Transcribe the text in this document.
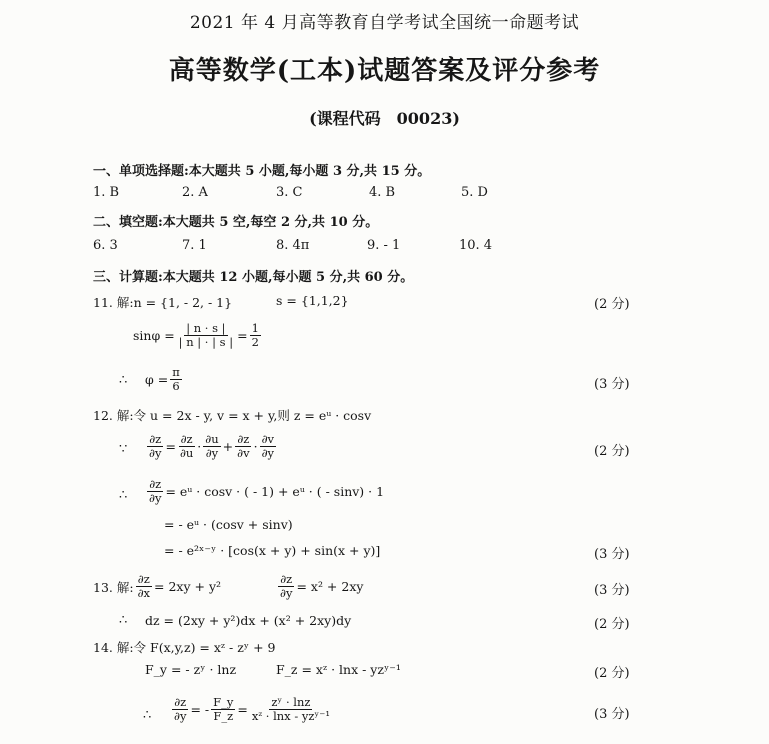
2021 年 4 月高等教育自学考试全国统一命题考试
高等数学(工本)试题答案及评分参考
(课程代码　00023)
一、单项选择题:本大题共 5 小题,每小题 3 分,共 15 分。
1. B	2. A	3. C	4. B	5. D
二、填空题:本大题共 5 空,每空 2 分,共 10 分。
6. 3	7. 1	8. 4π	9. - 1	10. 4
三、计算题:本大题共 12 小题,每小题 5 分,共 60 分。
11. 解:n = {1, - 2, - 1}	s = {1,1,2}	(2 分)
$\sin\varphi = \frac{| n \cdot s |}{| n | \cdot | s |} = \frac{1}{2}$
∴ $\varphi = \frac{\pi}{6}$	(3 分)
12. 解:令 u = 2x - y, v = x + y,则 z = eᵘ · cosv
∵ $\frac{\partial z}{\partial y} = \frac{\partial z}{\partial u} \cdot \frac{\partial u}{\partial y} + \frac{\partial z}{\partial v} \cdot \frac{\partial v}{\partial y}$	(2 分)
∴ $\frac{\partial z}{\partial y}$ = eᵘ · cosv · ( - 1) + eᵘ · ( - sinv) · 1
= - eᵘ · (cosv + sinv)
= - e²ˣ⁻ʸ · [cos(x + y) + sin(x + y)]	(3 分)
13. 解: $\frac{\partial z}{\partial x} = 2xy + y^2$	$\frac{\partial z}{\partial y} = x^2 + 2xy$	(3 分)
∴ dz = (2xy + y²)dx + (x² + 2xy)dy	(2 分)
14. 解:令 F(x,y,z) = xᶻ - zʸ + 9
F_y = - zʸ · lnz	F_z = xᶻ · lnx - yzʸ⁻¹	(2 分)
∴ $\frac{\partial z}{\partial y}$ = - $\frac{F\_y}{F\_z} = \frac{\text{zʸ · lnz}}{\text{xᶻ · lnx - yzʸ⁻¹}}$	(3 分)
